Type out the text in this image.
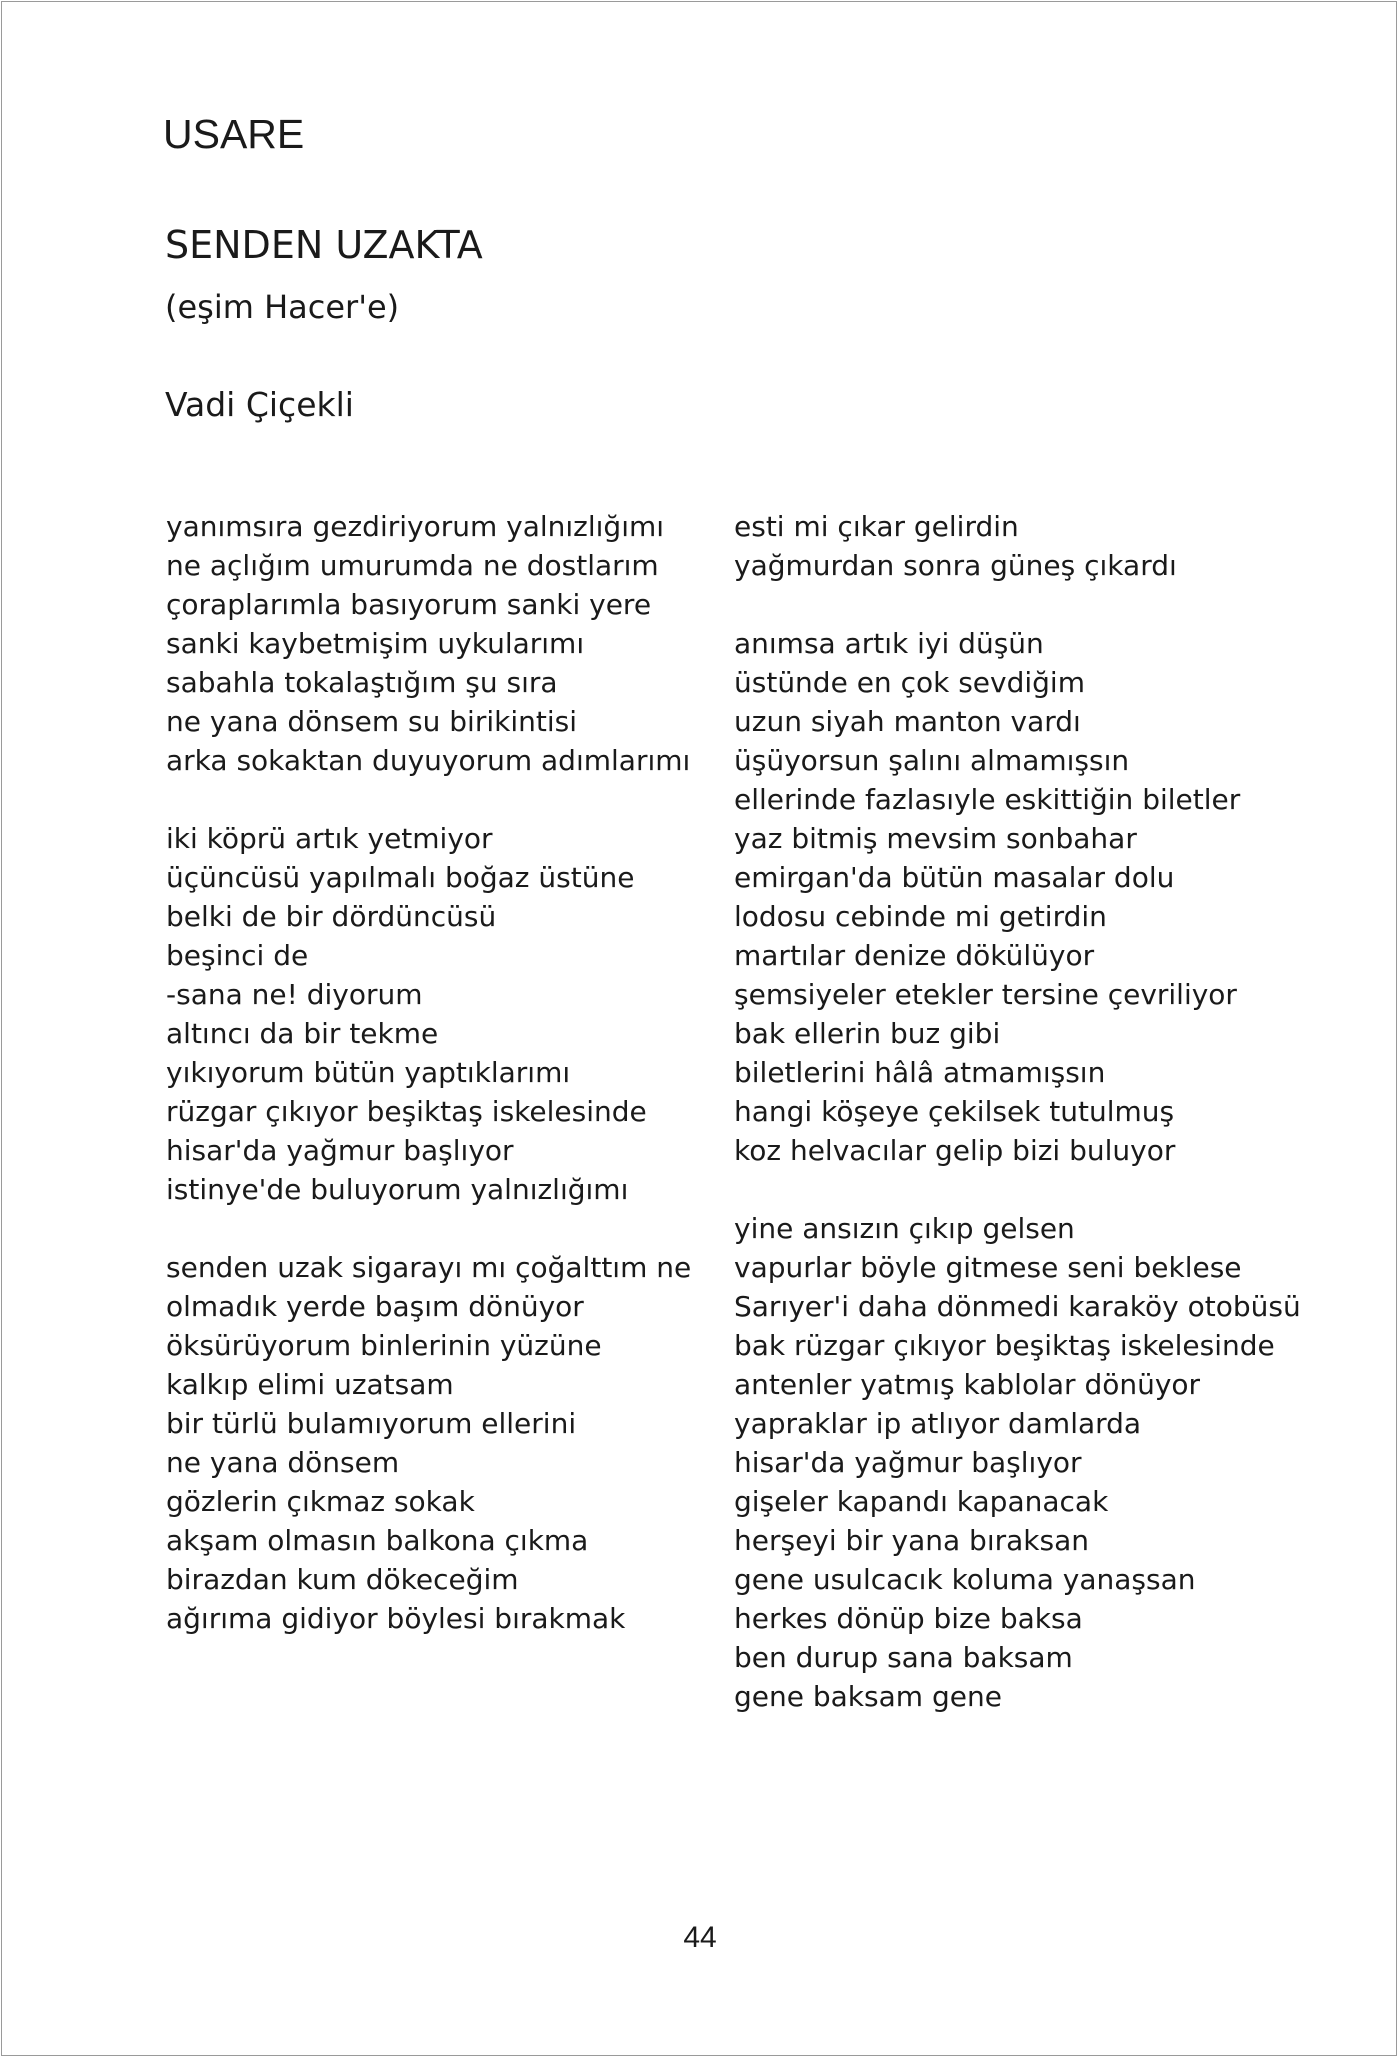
USARE
SENDEN UZAKTA
(eşim Hacer'e)
Vadi Çiçekli
yanımsıra gezdiriyorum yalnızlığımı
ne açlığım umurumda ne dostlarım
çoraplarımla basıyorum sanki yere
sanki kaybetmişim uykularımı
sabahla tokalaştığım şu sıra
ne yana dönsem su birikintisi
arka sokaktan duyuyorum adımlarımı
iki köprü artık yetmiyor
üçüncüsü yapılmalı boğaz üstüne
belki de bir dördüncüsü
beşinci de
-sana ne! diyorum
altıncı da bir tekme
yıkıyorum bütün yaptıklarımı
rüzgar çıkıyor beşiktaş iskelesinde
hisar'da yağmur başlıyor
istinye'de buluyorum yalnızlığımı
senden uzak sigarayı mı çoğalttım ne
olmadık yerde başım dönüyor
öksürüyorum binlerinin yüzüne
kalkıp elimi uzatsam
bir türlü bulamıyorum ellerini
ne yana dönsem
gözlerin çıkmaz sokak
akşam olmasın balkona çıkma
birazdan kum dökeceğim
ağırıma gidiyor böylesi bırakmak
esti mi çıkar gelirdin
yağmurdan sonra güneş çıkardı
anımsa artık iyi düşün
üstünde en çok sevdiğim
uzun siyah manton vardı
üşüyorsun şalını almamışsın
ellerinde fazlasıyle eskittiğin biletler
yaz bitmiş mevsim sonbahar
emirgan'da bütün masalar dolu
lodosu cebinde mi getirdin
martılar denize dökülüyor
şemsiyeler etekler tersine çevriliyor
bak ellerin buz gibi
biletlerini hâlâ atmamışsın
hangi köşeye çekilsek tutulmuş
koz helvacılar gelip bizi buluyor
yine ansızın çıkıp gelsen
vapurlar böyle gitmese seni beklese
Sarıyer'i daha dönmedi karaköy otobüsü
bak rüzgar çıkıyor beşiktaş iskelesinde
antenler yatmış kablolar dönüyor
yapraklar ip atlıyor damlarda
hisar'da yağmur başlıyor
gişeler kapandı kapanacak
herşeyi bir yana bıraksan
gene usulcacık koluma yanaşsan
herkes dönüp bize baksa
ben durup sana baksam
gene baksam gene
44
